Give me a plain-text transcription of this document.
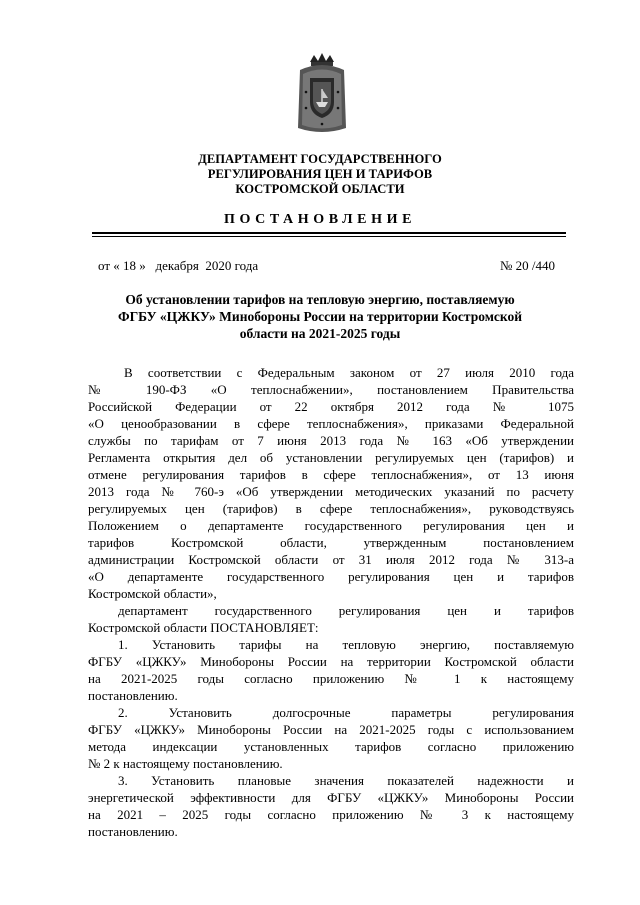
ДЕПАРТАМЕНТ ГОСУДАРСТВЕННОГО
РЕГУЛИРОВАНИЯ ЦЕН И ТАРИФОВ
КОСТРОМСКОЙ ОБЛАСТИ
ПОСТАНОВЛЕНИЕ
от « 18 »   декабря  2020 года	№ 20 /440
Об установлении тарифов на тепловую энергию, поставляемую
ФГБУ «ЦЖКУ» Минобороны России на территории Костромской
области на 2021-2025 годы

В соответствии с Федеральным законом от 27 июля 2010 года

№ 190-ФЗ «О теплоснабжении», постановлением Правительства

Российской Федерации от 22 октября 2012 года № 1075

«О ценообразовании в сфере теплоснабжения», приказами Федеральной

службы по тарифам от 7 июня 2013 года № 163 «Об утверждении

Регламента открытия дел об установлении регулируемых цен (тарифов) и

отмене регулирования тарифов в сфере теплоснабжения», от 13 июня

2013 года № 760-э «Об утверждении методических указаний по расчету

регулируемых цен (тарифов) в сфере теплоснабжения», руководствуясь

Положением о департаменте государственного регулирования цен и

тарифов Костромской области, утвержденным постановлением

администрации Костромской области от 31 июля 2012 года № 313-а

«О департаменте государственного регулирования цен и тарифов

Костромской области»,

департамент государственного регулирования цен и тарифов

Костромской области ПОСТАНОВЛЯЕТ:

1. Установить тарифы на тепловую энергию, поставляемую

ФГБУ «ЦЖКУ» Минобороны России на территории Костромской области

на 2021-2025 годы согласно приложению № 1 к настоящему

постановлению.

2. Установить долгосрочные параметры регулирования

ФГБУ «ЦЖКУ» Минобороны России на 2021-2025 годы с использованием

метода индексации установленных тарифов согласно приложению

№ 2 к настоящему постановлению.

3. Установить плановые значения показателей надежности и

энергетической эффективности для ФГБУ «ЦЖКУ» Минобороны России

на 2021 – 2025 годы согласно приложению № 3 к настоящему

постановлению.
